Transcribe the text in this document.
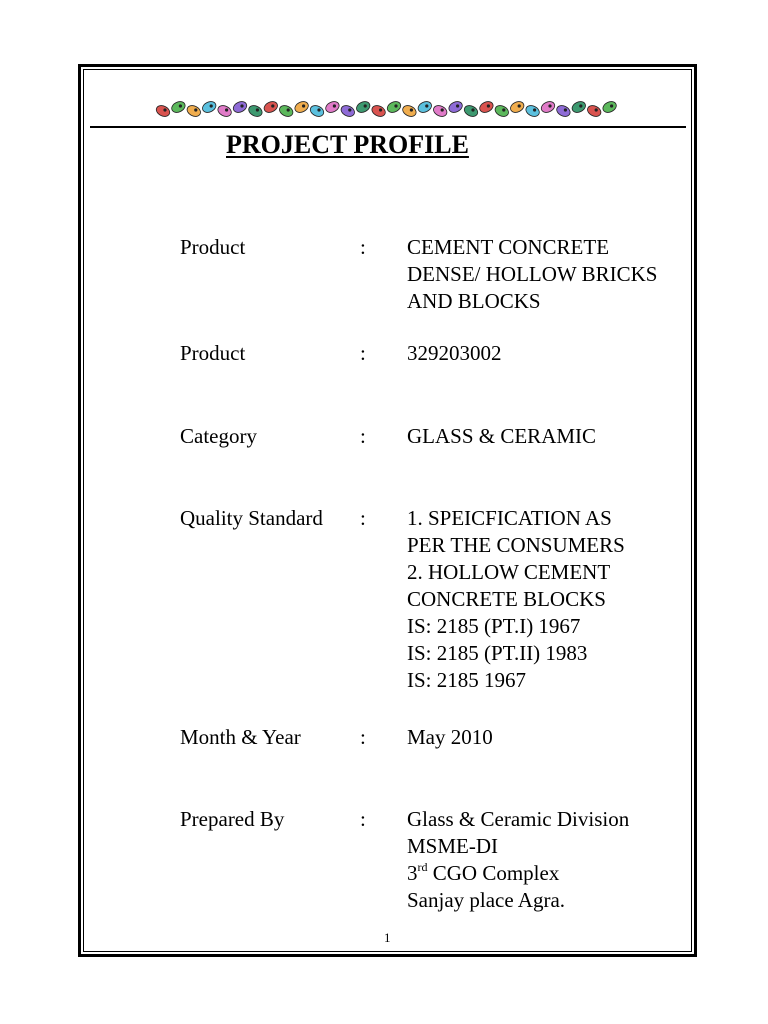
PROJECT PROFILE
Product	: CEMENT CONCRETE
DENSE/ HOLLOW BRICKS
AND BLOCKS
Product	: 329203002
Category	: GLASS & CERAMIC
Quality Standard : 1. SPEICFICATION AS
PER THE CONSUMERS
2. HOLLOW CEMENT
CONCRETE BLOCKS
IS: 2185 (PT.I) 1967
IS: 2185 (PT.II) 1983
IS: 2185 1967
Month & Year	: May 2010
Prepared By	: Glass & Ceramic Division
MSME-DI
3rd CGO Complex
Sanjay place Agra.
1
